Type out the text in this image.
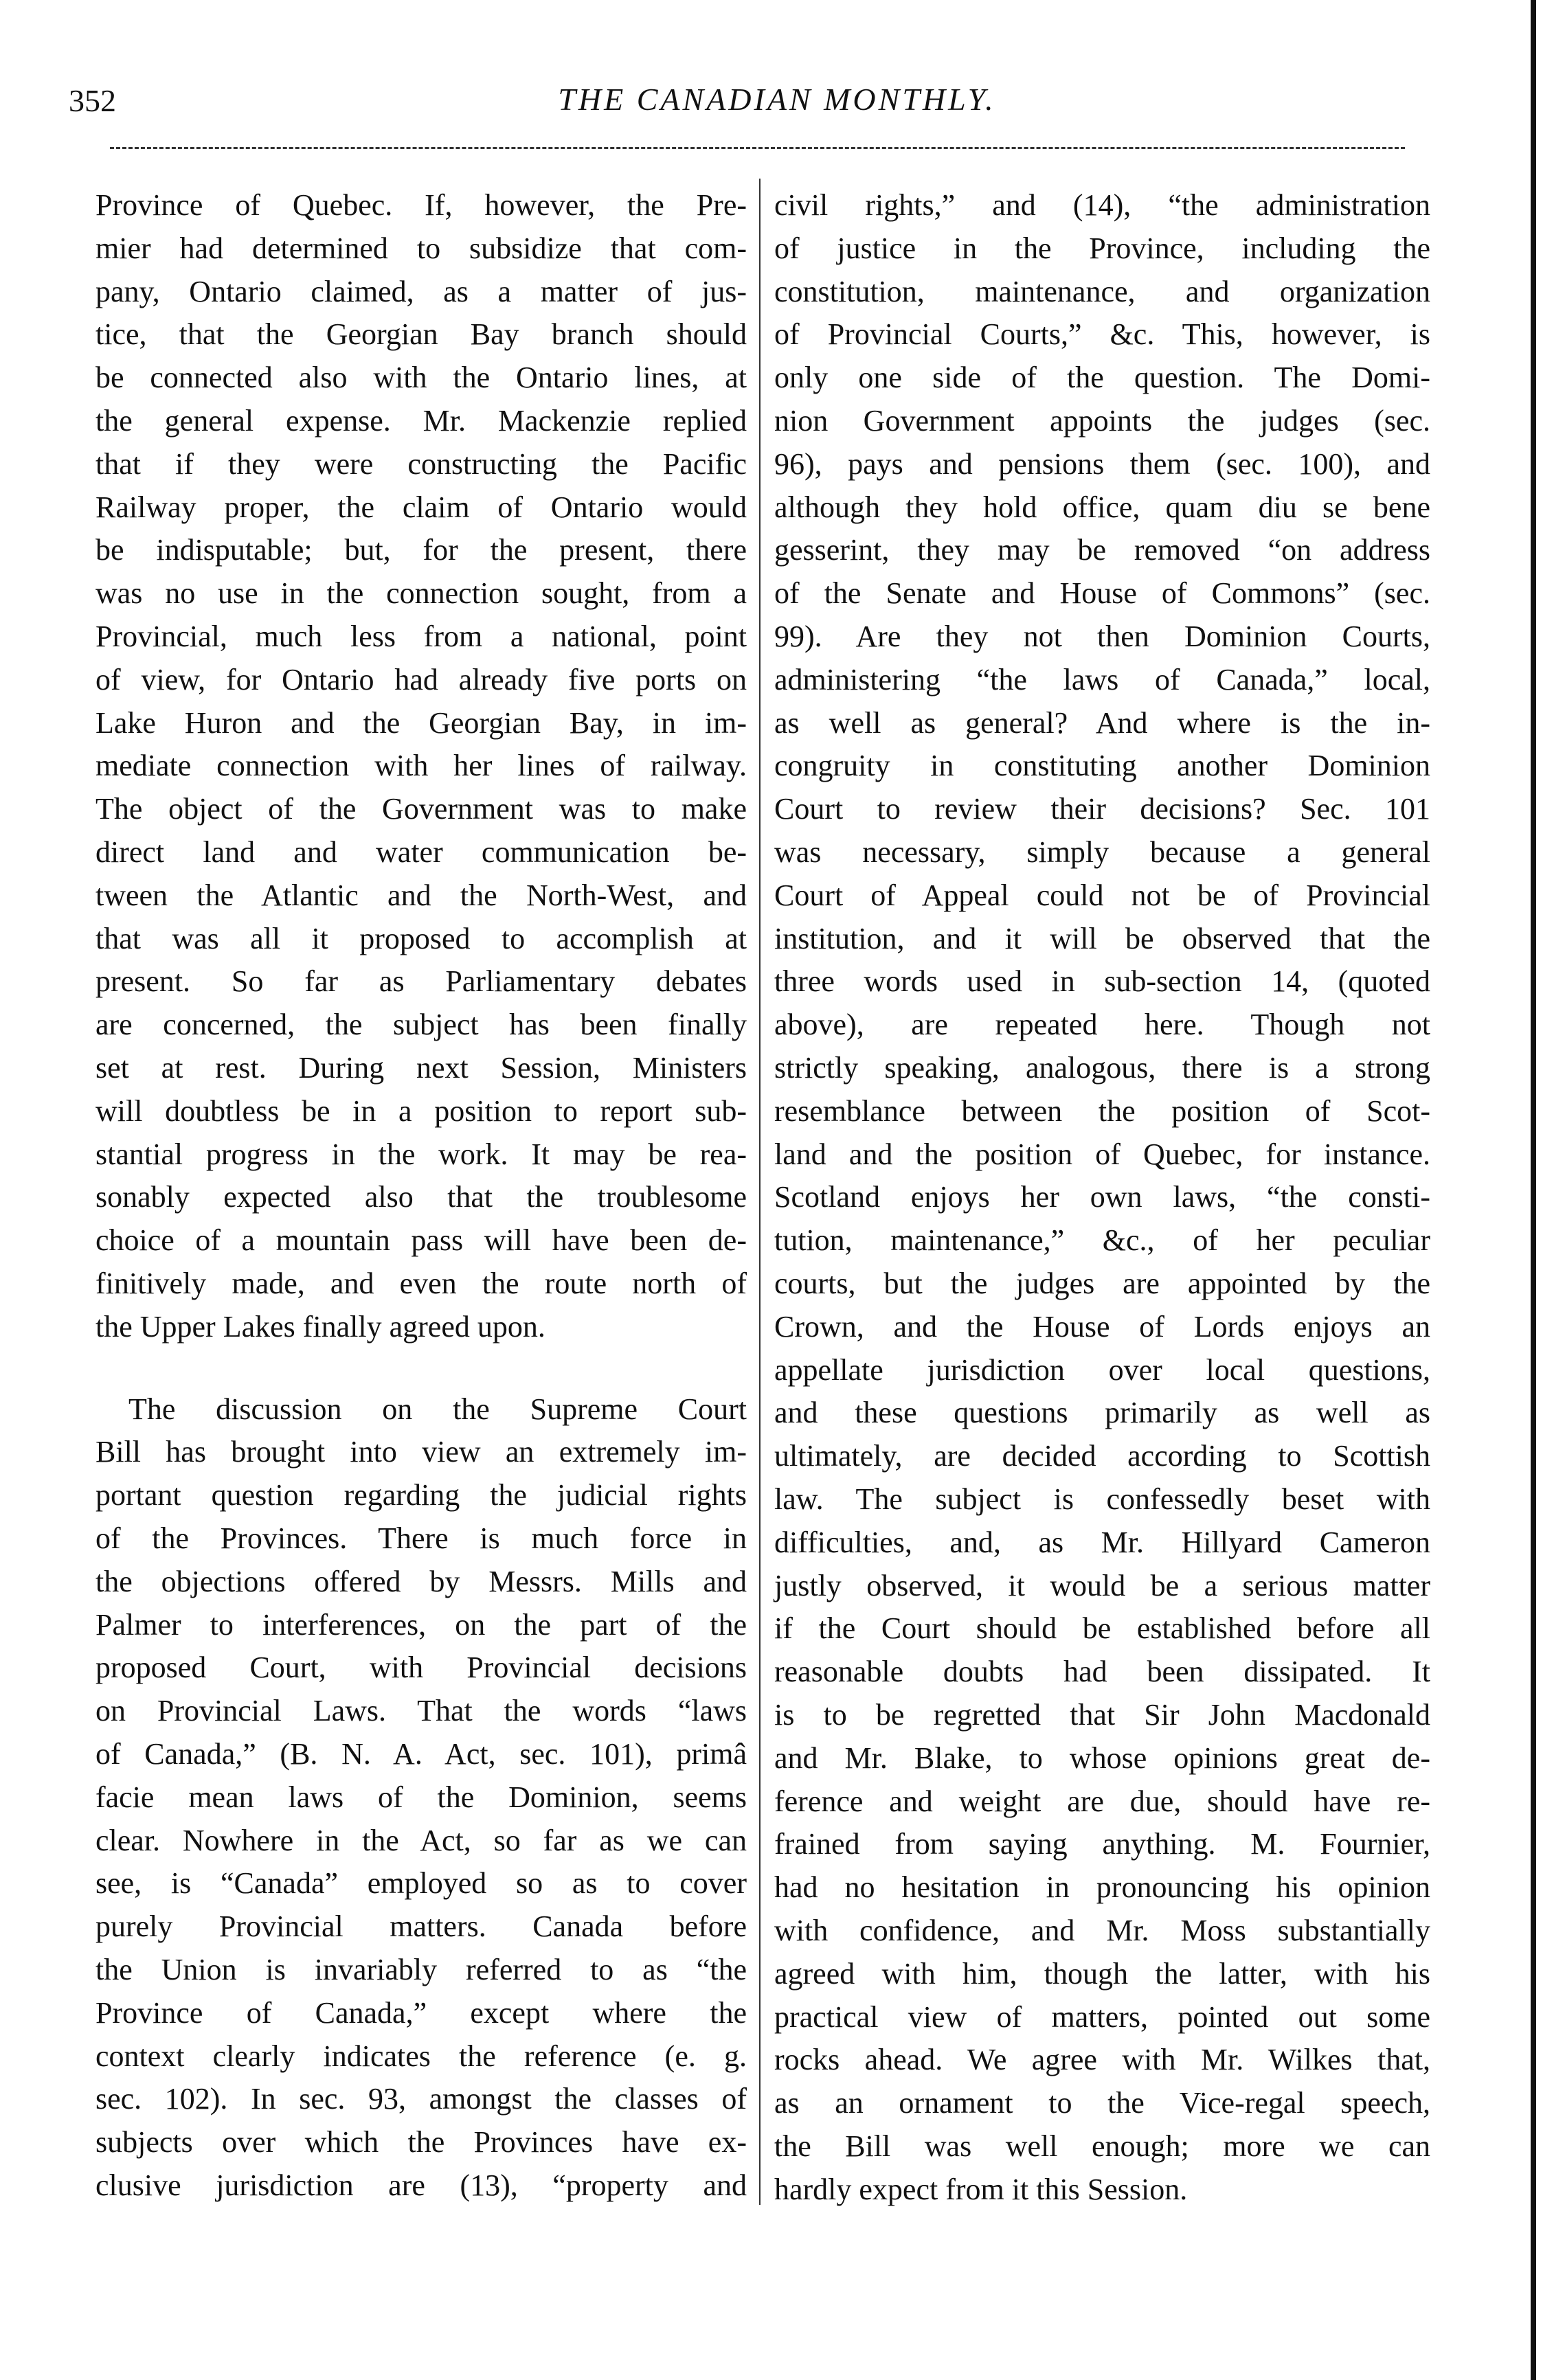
352	THE CANADIAN MONTHLY.
Province of Quebec. If, however, the Pre-
mier had determined to subsidize that com-
pany, Ontario claimed, as a matter of jus-
tice, that the Georgian Bay branch should
be connected also with the Ontario lines, at
the general expense. Mr. Mackenzie replied
that if they were constructing the Pacific
Railway proper, the claim of Ontario would
be indisputable; but, for the present, there
was no use in the connection sought, from a
Provincial, much less from a national, point
of view, for Ontario had already five ports on
Lake Huron and the Georgian Bay, in im-
mediate connection with her lines of railway.
The object of the Government was to make
direct land and water communication be-
tween the Atlantic and the North-West, and
that was all it proposed to accomplish at
present. So far as Parliamentary debates
are concerned, the subject has been finally
set at rest. During next Session, Ministers
will doubtless be in a position to report sub-
stantial progress in the work. It may be rea-
sonably expected also that the troublesome
choice of a mountain pass will have been de-
finitively made, and even the route north of
the Upper Lakes finally agreed upon.
The discussion on the Supreme Court
Bill has brought into view an extremely im-
portant question regarding the judicial rights
of the Provinces. There is much force in
the objections offered by Messrs. Mills and
Palmer to interferences, on the part of the
proposed Court, with Provincial decisions
on Provincial Laws. That the words “laws
of Canada,” (B. N. A. Act, sec. 101), primâ
facie mean laws of the Dominion, seems
clear. Nowhere in the Act, so far as we can
see, is “Canada” employed so as to cover
purely Provincial matters. Canada before
the Union is invariably referred to as “the
Province of Canada,” except where the
context clearly indicates the reference (e. g.
sec. 102). In sec. 93, amongst the classes of
subjects over which the Provinces have ex-
clusive jurisdiction are (13), “property and
civil rights,” and (14), “the administration
of justice in the Province, including the
constitution, maintenance, and organization
of Provincial Courts,” &c. This, however, is
only one side of the question. The Domi-
nion Government appoints the judges (sec.
96), pays and pensions them (sec. 100), and
although they hold office, quam diu se bene
gesserint, they may be removed “on address
of the Senate and House of Commons” (sec.
99). Are they not then Dominion Courts,
administering “the laws of Canada,” local,
as well as general? And where is the in-
congruity in constituting another Dominion
Court to review their decisions? Sec. 101
was necessary, simply because a general
Court of Appeal could not be of Provincial
institution, and it will be observed that the
three words used in sub-section 14, (quoted
above), are repeated here. Though not
strictly speaking, analogous, there is a strong
resemblance between the position of Scot-
land and the position of Quebec, for instance.
Scotland enjoys her own laws, “the consti-
tution, maintenance,” &c., of her peculiar
courts, but the judges are appointed by the
Crown, and the House of Lords enjoys an
appellate jurisdiction over local questions,
and these questions primarily as well as
ultimately, are decided according to Scottish
law. The subject is confessedly beset with
difficulties, and, as Mr. Hillyard Cameron
justly observed, it would be a serious matter
if the Court should be established before all
reasonable doubts had been dissipated. It
is to be regretted that Sir John Macdonald
and Mr. Blake, to whose opinions great de-
ference and weight are due, should have re-
frained from saying anything. M. Fournier,
had no hesitation in pronouncing his opinion
with confidence, and Mr. Moss substantially
agreed with him, though the latter, with his
practical view of matters, pointed out some
rocks ahead. We agree with Mr. Wilkes that,
as an ornament to the Vice-regal speech,
the Bill was well enough; more we can
hardly expect from it this Session.
